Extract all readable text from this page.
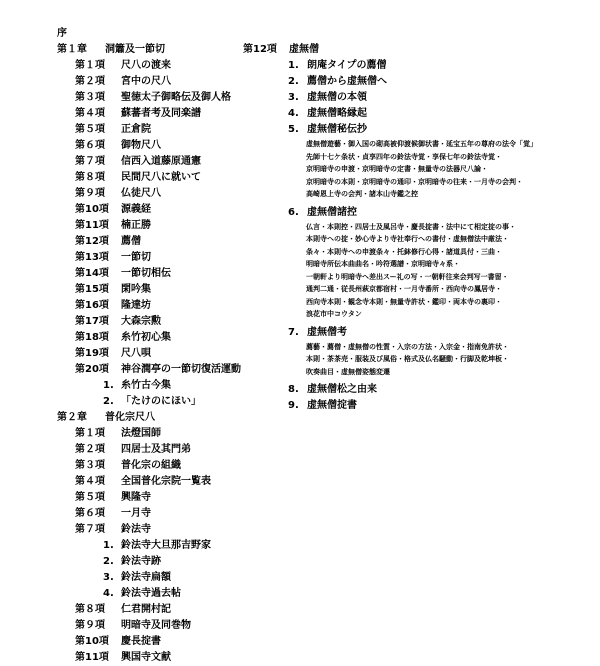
序
第１章 洞簫及一節切
第１項 尺八の渡来
第２項 宮中の尺八
第３項 聖徳太子御略伝及御人格
第４項 蘇蕃者考及同楽譜
第５項 正倉院
第６項 御物尺八
第７項 信西入道藤原通憲
第８項 民間尺八に就いて
第９項 仏徒尺八
第10項 源義経
第11項 楠正勝
第12項 薦僧
第13項 一節切
第14項 一節切相伝
第15項 閑吟集
第16項 隆達坊
第17項 大森宗勲
第18項 糸竹初心集
第19項 尺八唄
第20項 神谷潤亭の一節切復活運動
1. 糸竹古今集
2. 「たけのにほい」
第２章 普化宗尺八
第１項 法燈国師
第２項 四居士及其門弟
第３項 普化宗の組織
第４項 全国普化宗院一覧表
第５項 興隆寺
第６項 一月寺
第７項 鈴法寺
1. 鈴法寺大旦那吉野家
2. 鈴法寺跡
3. 鈴法寺扁額
4. 鈴法寺過去帖
第８項 仁君開村記
第９項 明暗寺及同巻物
第10項 慶長掟書
第11項 興国寺文献
第12項 虚無僧
1. 朗庵タイプの薦僧
2. 薦僧から虚無僧へ
3. 虚無僧の本領
4. 虚無僧略縁起
5. 虚無僧秘伝抄
虚無僧遊藝・御入国の砌高被仰渡候御状書・延宝五年の尊府の法令「覚」
先師十七ケ条状・貞享四年の鈴法寺覚・享保七年の鈴法寺覚・
京明暗寺の申渡・京明暗寺の定書・無量寺の法器尺八論・
京明暗寺の本則・京明暗寺の通印・京明暗寺の往来・一月寺の会判・
高崎恩上寺の会判・諸本山寺鑑之控
6. 虚無僧諸控
仏言・本則控・四居士及風呂寺・慶長掟書・法中にて相定掟の事・
本則寺への掟・妙心寺より寺社奉行への書付・虚無僧法中厳法・
条々・本則寺への申渡条々・托鉢修行心得・諸道具付・三曲・
明暗寺所伝本曲曲名・吟符選譜・京明暗寺々系・
一朝軒より明暗寺へ差出スー礼の写・一朝軒往来会判写一書留・
通判二通・従長州萩京都宿村・一月寺番所・西向寺の鳳居寺・
西向寺本則・観念寺本則・無量寺許状・鑑印・両本寺の裏印・
浪花市中コウタン
7. 虚無僧考
薦藝・薦僧・虚無僧の性質・入宗の方法・入宗金・指南免許状・
本則・茶茶売・服装及び風俗・格式及仏名騒動・行脚及乾坤板・
吹奏曲目・虚無僧姿態変遷
8. 虚無僧松之由来
9. 虚無僧掟書
